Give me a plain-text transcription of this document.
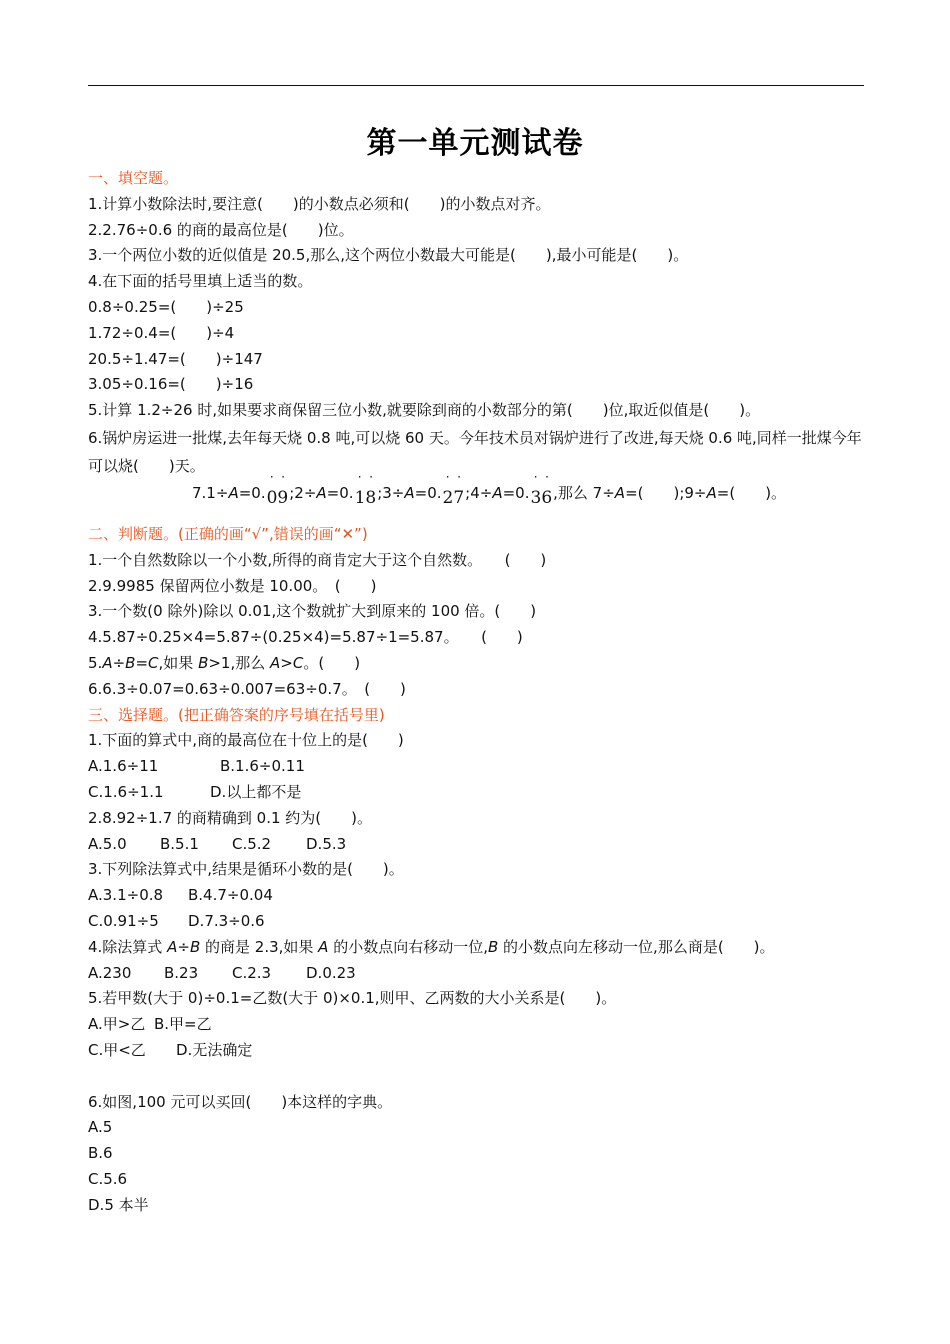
第一单元测试卷
一、填空题。
1.计算小数除法时,要注意(　　)的小数点必须和(　　)的小数点对齐。
2.2.76÷0.6 的商的最高位是(　　)位。
3.一个两位小数的近似值是 20.5,那么,这个两位小数最大可能是(　　),最小可能是(　　)。
4.在下面的括号里填上适当的数。
0.8÷0.25=(　　)÷25
1.72÷0.4=(　　)÷4
20.5÷1.47=(　　)÷147
3.05÷0.16=(　　)÷16
5.计算 1.2÷26 时,如果要求商保留三位小数,就要除到商的小数部分的第(　　)位,取近似值是(　　)。
6.锅炉房运进一批煤,去年每天烧 0.8 吨,可以烧 60 天。今年技术员对锅炉进行了改进,每天烧 0.6 吨,同样一批煤今年可以烧(　　)天。
7.1÷A=0.˙ ˙ 09;2÷A=0.˙ ˙ 18;3÷A=0.˙ ˙ 27;4÷A=0.˙ ˙ 36,那么 7÷A=(　　);9÷A=(　　)。
二、判断题。(正确的画“√”,错误的画“✕”)
1.一个自然数除以一个小数,所得的商肯定大于这个自然数。　　(　　)
2.9.9985 保留两位小数是 10.00。　(　　)
3.一个数(0 除外)除以 0.01,这个数就扩大到原来的 100 倍。(　　)
4.5.87÷0.25×4=5.87÷(0.25×4)=5.87÷1=5.87。　　(　　)
5.A÷B=C,如果 B>1,那么 A>C。(　　)
6.6.3÷0.07=0.63÷0.007=63÷0.7。　(　　)
三、选择题。(把正确答案的序号填在括号里)
1.下面的算式中,商的最高位在十位上的是(　　)
A.1.6÷11	B.1.6÷0.11
C.1.6÷1.1	D.以上都不是
2.8.92÷1.7 的商精确到 0.1 约为(　　)。
A.5.0 B.5.1 C.5.2 D.5.3
3.下列除法算式中,结果是循环小数的是(　　)。
A.3.1÷0.8 B.4.7÷0.04
C.0.91÷5 D.7.3÷0.6
4.除法算式 A÷B 的商是 2.3,如果 A 的小数点向右移动一位,B 的小数点向左移动一位,那么商是(　　)。
A.230 B.23 C.2.3 D.0.23
5.若甲数(大于 0)÷0.1=乙数(大于 0)×0.1,则甲、乙两数的大小关系是(　　)。
A.甲>乙 B.甲=乙
C.甲<乙 D.无法确定
6.如图,100 元可以买回(　　)本这样的字典。
A.5
B.6
C.5.6
D.5 本半
